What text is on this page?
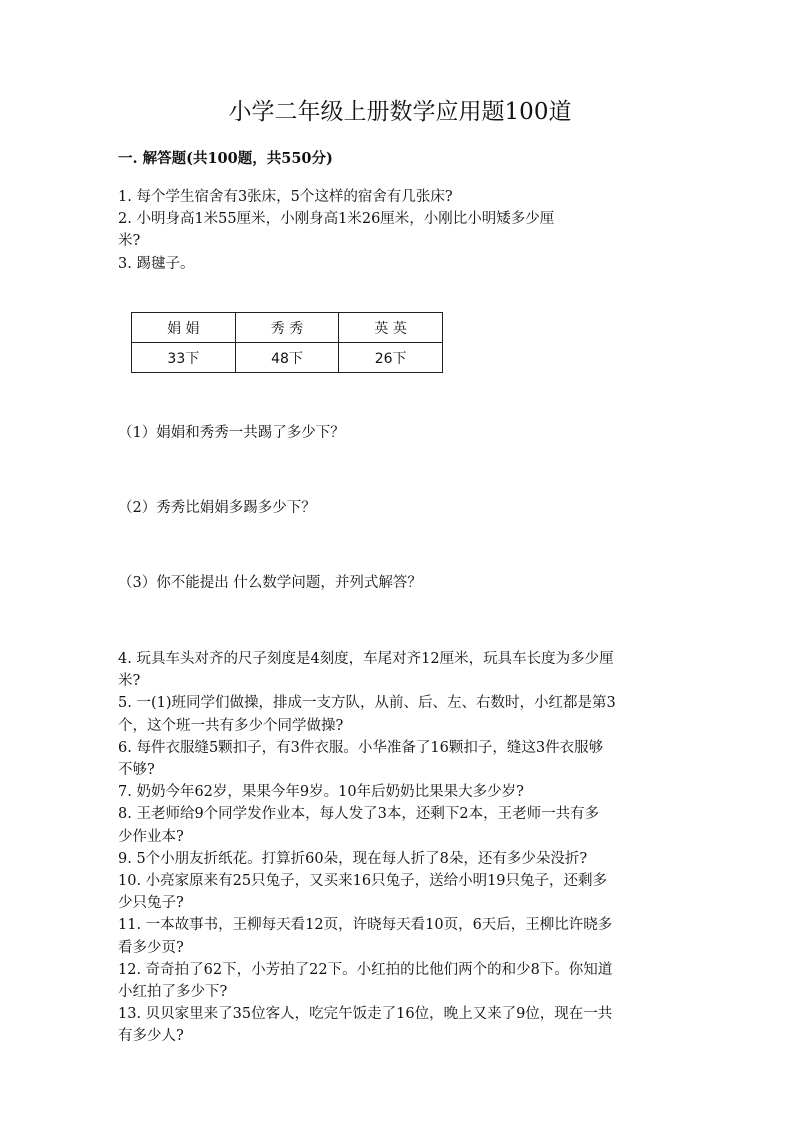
小学二年级上册数学应用题100道
一. 解答题(共100题，共550分)
1. 每个学生宿舍有3张床，5个这样的宿舍有几张床?
2. 小明身高1米55厘米，小刚身高1米26厘米，小刚比小明矮多少厘
米?
3. 踢毽子。
娟 娟	秀 秀	英 英
33下	48下	26下
（1）娟娟和秀秀一共踢了多少下？
（2）秀秀比娟娟多踢多少下？
（3）你不能提出 什么数学问题，并列式解答？
4. 玩具车头对齐的尺子刻度是4刻度，车尾对齐12厘米，玩具车长度为多少厘
米?
5. 一(1)班同学们做操，排成一支方队，从前、后、左、右数时，小红都是第3
个，这个班一共有多少个同学做操?
6. 每件衣服缝5颗扣子，有3件衣服。小华准备了16颗扣子，缝这3件衣服够
不够?
7. 奶奶今年62岁，果果今年9岁。10年后奶奶比果果大多少岁?
8. 王老师给9个同学发作业本，每人发了3本，还剩下2本，王老师一共有多
少作业本?
9. 5个小朋友折纸花。打算折60朵，现在每人折了8朵，还有多少朵没折?
10. 小亮家原来有25只兔子，又买来16只兔子，送给小明19只兔子，还剩多
少只兔子?
11. 一本故事书，王柳每天看12页，许晓每天看10页，6天后，王柳比许晓多
看多少页?
12. 奇奇拍了62下，小芳拍了22下。小红拍的比他们两个的和少8下。你知道
小红拍了多少下?
13. 贝贝家里来了35位客人，吃完午饭走了16位，晚上又来了9位，现在一共
有多少人?
